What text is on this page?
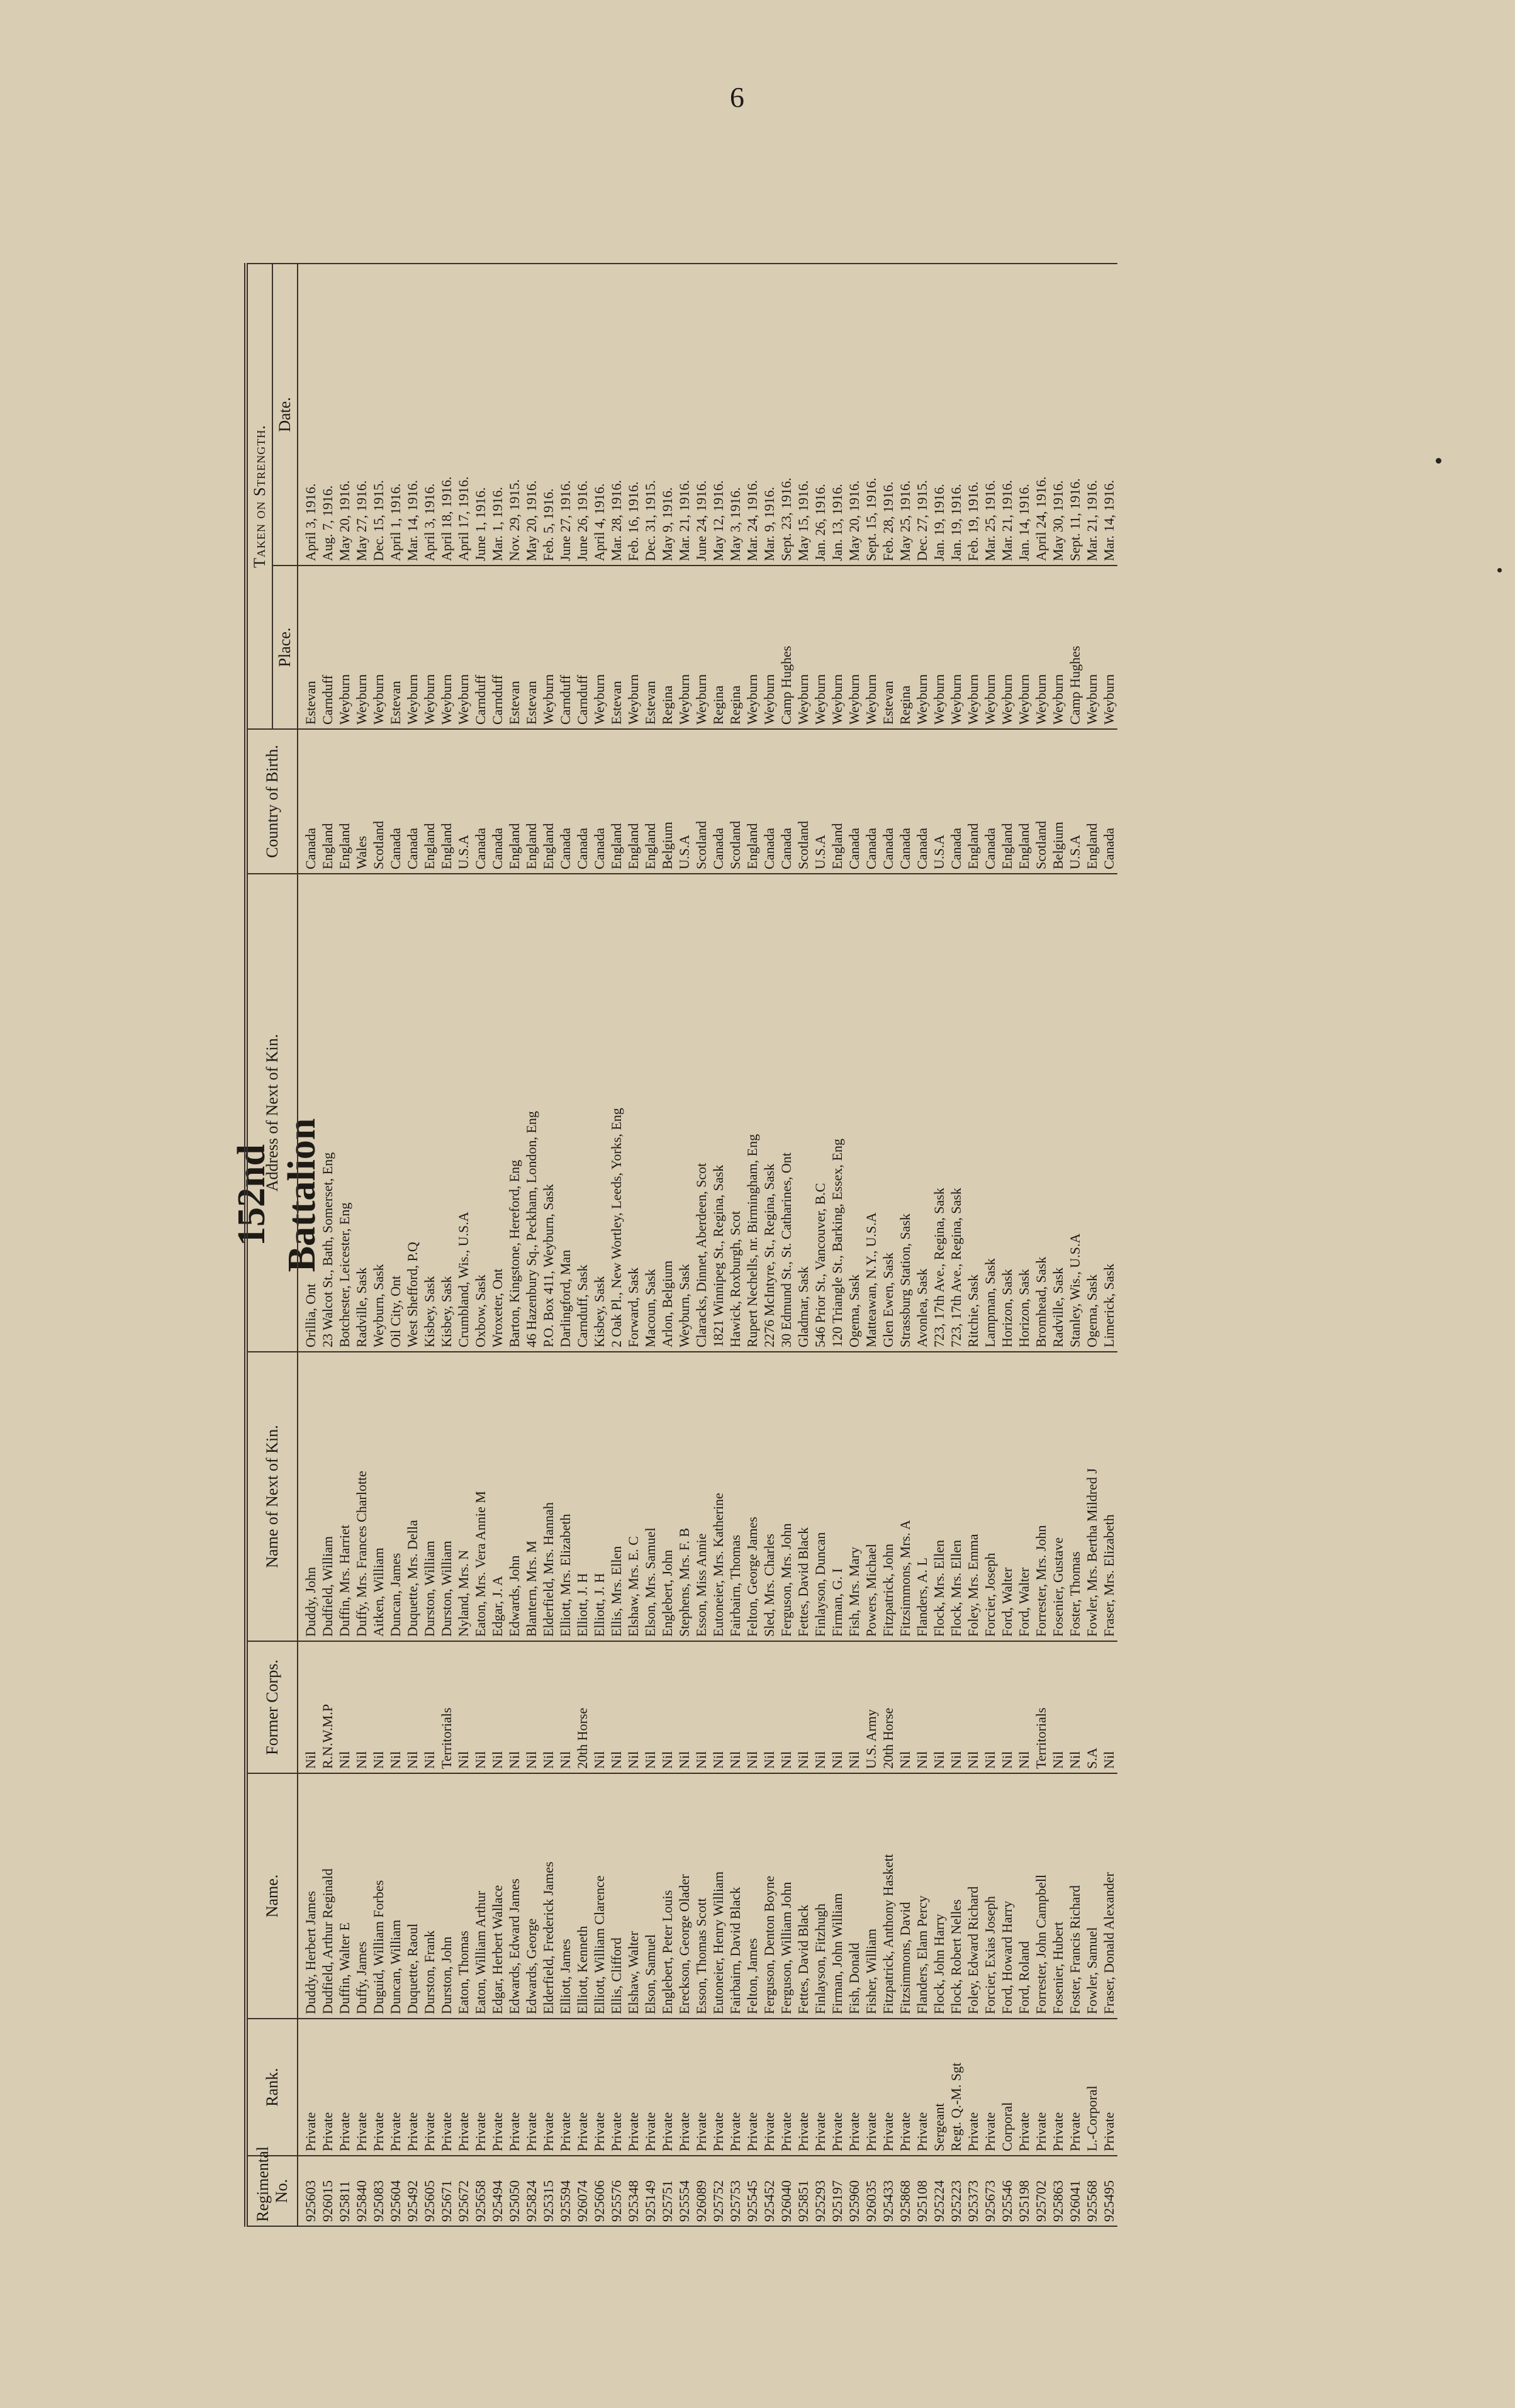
6
152nd Battalion
Regimental No.	Rank.	Name.	Former Corps.	Name of Next of Kin.	Address of Next of Kin.	Country of Birth.	Taken on Strength.	
							Place.	Date.
925603	Private	Duddy, Herbert James	Nil	Duddy, John	Orillia, Ont	Canada	Estevan	April 3, 1916.
926015	Private	Dudfield, Arthur Reginald	R.N.W.M.P	Dudfield, William	23 Walcot St., Bath, Somerset, Eng	England	Carnduff	Aug. 7, 1916.
925811	Private	Duffin, Walter E	Nil	Duffin, Mrs. Harriet	Botchester, Leicester, Eng	England	Weyburn	May 20, 1916.
925840	Private	Duffy, James	Nil	Duffy, Mrs. Frances Charlotte	Radville, Sask	Wales	Weyburn	May 27, 1916.
925083	Private	Duguid, William Forbes	Nil	Aitken, William	Weyburn, Sask	Scotland	Weyburn	Dec. 15, 1915.
925604	Private	Duncan, William	Nil	Duncan, James	Oil City, Ont	Canada	Estevan	April 1, 1916.
925492	Private	Duquette, Raoul	Nil	Duquette, Mrs. Della	West Shefford, P.Q	Canada	Weyburn	Mar. 14, 1916.
925605	Private	Durston, Frank	Nil	Durston, William	Kisbey, Sask	England	Weyburn	April 3, 1916.
925671	Private	Durston, John	Territorials	Durston, William	Kisbey, Sask	England	Weyburn	April 18, 1916.
925672	Private	Eaton, Thomas	Nil	Nyland, Mrs. N	Crumbland, Wis., U.S.A	U.S.A	Weyburn	April 17, 1916.
925658	Private	Eaton, William Arthur	Nil	Eaton, Mrs. Vera Annie M	Oxbow, Sask	Canada	Carnduff	June 1, 1916.
925494	Private	Edgar, Herbert Wallace	Nil	Edgar, J. A	Wroxeter, Ont	Canada	Carnduff	Mar. 1, 1916.
925050	Private	Edwards, Edward James	Nil	Edwards, John	Barton, Kingstone, Hereford, Eng	England	Estevan	Nov. 29, 1915.
925824	Private	Edwards, George	Nil	Blantern, Mrs. M	46 Hazenbury Sq., Peckham, London, Eng	England	Estevan	May 20, 1916.
925315	Private	Elderfield, Frederick James	Nil	Elderfield, Mrs. Hannah	P.O. Box 411, Weyburn, Sask	England	Weyburn	Feb. 5, 1916.
925594	Private	Elliott, James	Nil	Elliott, Mrs. Elizabeth	Darlingford, Man	Canada	Carnduff	June 27, 1916.
926074	Private	Elliott, Kenneth	20th Horse	Elliott, J. H	Carnduff, Sask	Canada	Carnduff	June 26, 1916.
925606	Private	Elliott, William Clarence	Nil	Elliott, J. H	Kisbey, Sask	Canada	Weyburn	April 4, 1916.
925576	Private	Ellis, Clifford	Nil	Ellis, Mrs. Ellen	2 Oak Pl., New Wortley, Leeds, Yorks, Eng	England	Estevan	Mar. 28, 1916.
925348	Private	Elshaw, Walter	Nil	Elshaw, Mrs. E. C	Forward, Sask	England	Weyburn	Feb. 16, 1916.
925149	Private	Elson, Samuel	Nil	Elson, Mrs. Samuel	Macoun, Sask	England	Estevan	Dec. 31, 1915.
925751	Private	Englebert, Peter Louis	Nil	Englebert, John	Arlon, Belgium	Belgium	Regina	May 9, 1916.
925554	Private	Ereckson, George Olader	Nil	Stephens, Mrs. F. B	Weyburn, Sask	U.S.A	Weyburn	Mar. 21, 1916.
926089	Private	Esson, Thomas Scott	Nil	Esson, Miss Annie	Claracks, Dinnet, Aberdeen, Scot	Scotland	Weyburn	June 24, 1916.
925752	Private	Eutoneier, Henry William	Nil	Eutoneier, Mrs. Katherine	1821 Winnipeg St., Regina, Sask	Canada	Regina	May 12, 1916.
925753	Private	Fairbairn, David Black	Nil	Fairbairn, Thomas	Hawick, Roxburgh, Scot	Scotland	Regina	May 3, 1916.
925545	Private	Felton, James	Nil	Felton, George James	Rupert Nechells, nr. Birmingham, Eng	England	Weyburn	Mar. 24, 1916.
925452	Private	Ferguson, Denton Boyne	Nil	Sled, Mrs. Charles	2276 McIntyre, St., Regina, Sask	Canada	Weyburn	Mar. 9, 1916.
926040	Private	Ferguson, William John	Nil	Ferguson, Mrs. John	30 Edmund St., St. Catharines, Ont	Canada	Camp Hughes	Sept. 23, 1916.
925851	Private	Fettes, David Black	Nil	Fettes, David Black	Gladmar, Sask	Scotland	Weyburn	May 15, 1916.
925293	Private	Finlayson, Fitzhugh	Nil	Finlayson, Duncan	546 Prior St., Vancouver, B.C	U.S.A	Weyburn	Jan. 26, 1916.
925197	Private	Firman, John William	Nil	Firman, G. I	120 Triangle St., Barking, Essex, Eng	England	Weyburn	Jan. 13, 1916.
925960	Private	Fish, Donald	Nil	Fish, Mrs. Mary	Ogema, Sask	Canada	Weyburn	May 20, 1916.
926035	Private	Fisher, William	U.S. Army	Powers, Michael	Matteawan, N.Y., U.S.A	Canada	Weyburn	Sept. 15, 1916.
925433	Private	Fitzpatrick, Anthony Haskett	20th Horse	Fitzpatrick, John	Glen Ewen, Sask	Canada	Estevan	Feb. 28, 1916.
925868	Private	Fitzsimmons, David	Nil	Fitzsimmons, Mrs. A	Strassburg Station, Sask	Canada	Regina	May 25, 1916.
925108	Private	Flanders, Elam Percy	Nil	Flanders, A. L	Avonlea, Sask	Canada	Weyburn	Dec. 27, 1915.
925224	Sergeant	Flock, John Harry	Nil	Flock, Mrs. Ellen	723, 17th Ave., Regina, Sask	U.S.A	Weyburn	Jan. 19, 1916.
925223	Regt. Q.-M. Sgt	Flock, Robert Nelles	Nil	Flock, Mrs. Ellen	723, 17th Ave., Regina, Sask	Canada	Weyburn	Jan. 19, 1916.
925373	Private	Foley, Edward Richard	Nil	Foley, Mrs. Emma	Ritchie, Sask	England	Weyburn	Feb. 19, 1916.
925673	Private	Forcier, Exias Joseph	Nil	Forcier, Joseph	Lampman, Sask	Canada	Weyburn	Mar. 25, 1916.
925546	Corporal	Ford, Howard Harry	Nil	Ford, Walter	Horizon, Sask	England	Weyburn	Mar. 21, 1916.
925198	Private	Ford, Roland	Nil	Ford, Walter	Horizon, Sask	England	Weyburn	Jan. 14, 1916.
925702	Private	Forrester, John Campbell	Territorials	Forrester, Mrs. John	Bromhead, Sask	Scotland	Weyburn	April 24, 1916.
925863	Private	Fosenier, Hubert	Nil	Fosenier, Gustave	Radville, Sask	Belgium	Weyburn	May 30, 1916.
926041	Private	Foster, Francis Richard	Nil	Foster, Thomas	Stanley, Wis., U.S.A	U.S.A	Camp Hughes	Sept. 11, 1916.
925568	L.-Corporal	Fowler, Samuel	S.A	Fowler, Mrs. Bertha Mildred J	Ogema, Sask	England	Weyburn	Mar. 21, 1916.
925495	Private	Fraser, Donald Alexander	Nil	Fraser, Mrs. Elizabeth	Limerick, Sask	Canada	Weyburn	Mar. 14, 1916.
